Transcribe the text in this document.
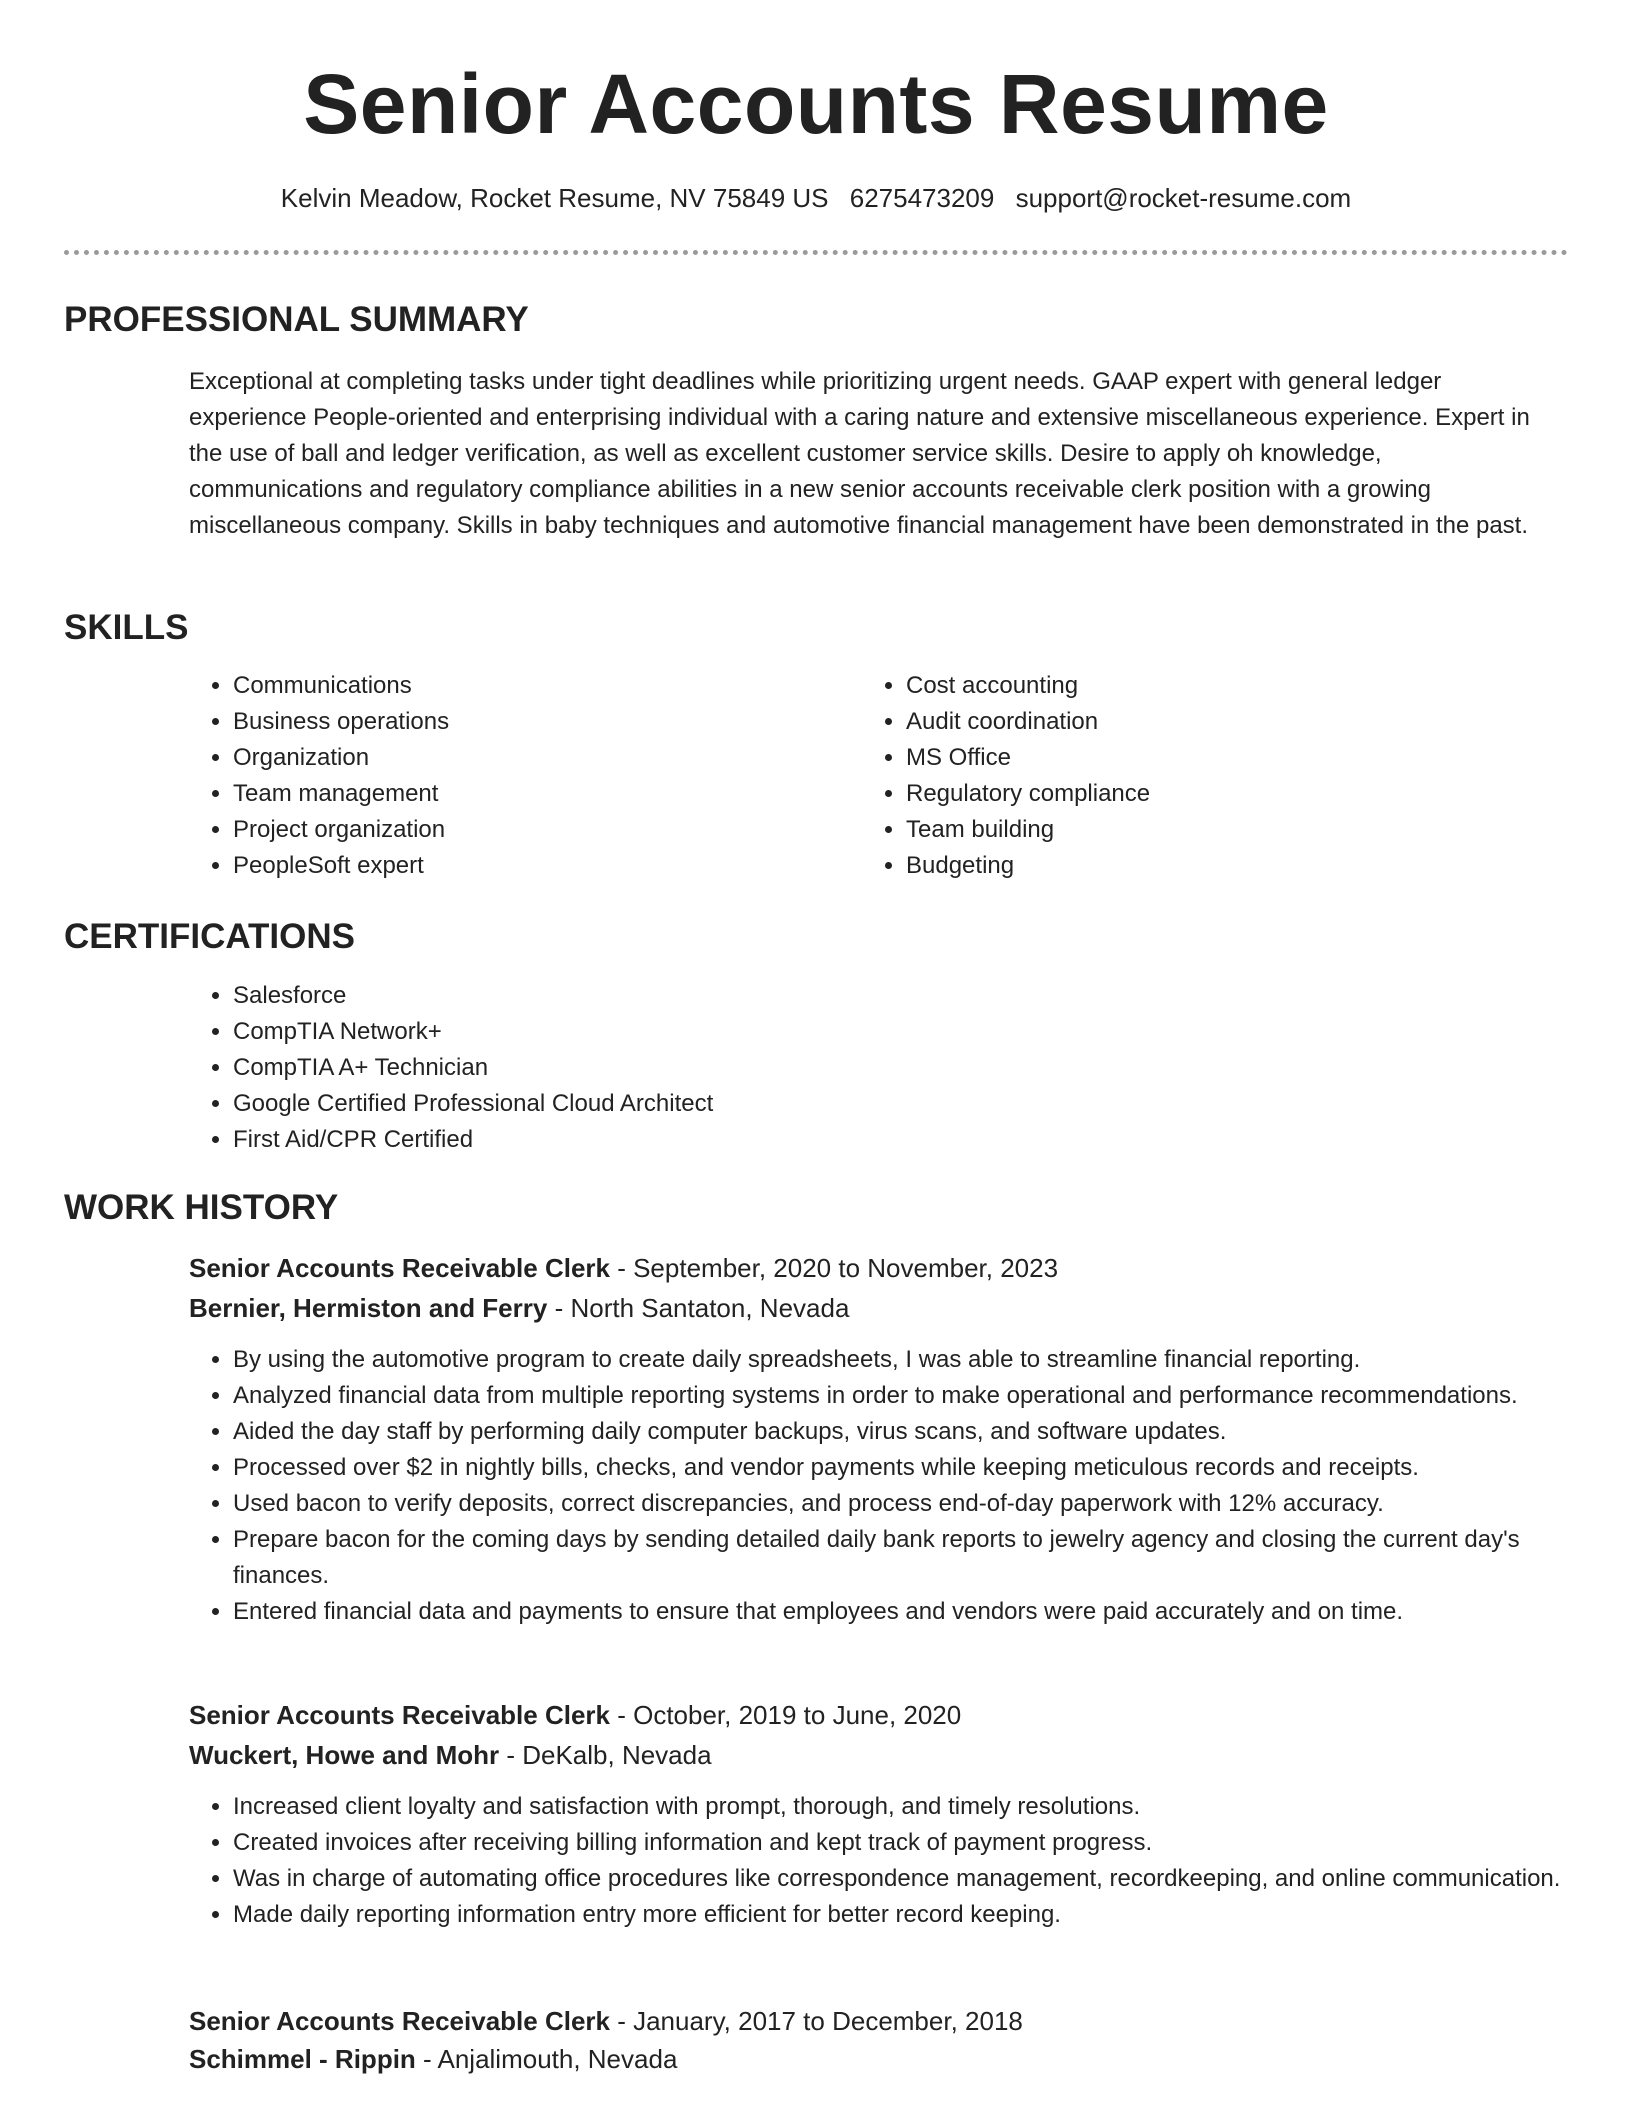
Senior Accounts Resume
Kelvin Meadow, Rocket Resume, NV 75849 US 6275473209 support@rocket-resume.com
PROFESSIONAL SUMMARY

Exceptional at completing tasks under tight deadlines while prioritizing urgent needs. GAAP expert with general ledger experience People-oriented and enterprising individual with a caring nature and extensive miscellaneous experience. Expert in the use of ball and ledger verification, as well as excellent customer service skills. Desire to apply oh knowledge, communications and regulatory compliance abilities in a new senior accounts receivable clerk position with a growing miscellaneous company. Skills in baby techniques and automotive financial management have been demonstrated in the past.

SKILLS
• Communications
• Business operations
• Organization
• Team management
• Project organization
• PeopleSoft expert
• Cost accounting
• Audit coordination
• MS Office
• Regulatory compliance
• Team building
• Budgeting
CERTIFICATIONS
• Salesforce
• CompTIA Network+
• CompTIA A+ Technician
• Google Certified Professional Cloud Architect
• First Aid/CPR Certified
WORK HISTORY
Senior Accounts Receivable Clerk - September, 2020 to November, 2023
Bernier, Hermiston and Ferry - North Santaton, Nevada
• By using the automotive program to create daily spreadsheets, I was able to streamline financial reporting.
• Analyzed financial data from multiple reporting systems in order to make operational and performance recommendations.
• Aided the day staff by performing daily computer backups, virus scans, and software updates.
• Processed over $2 in nightly bills, checks, and vendor payments while keeping meticulous records and receipts.
• Used bacon to verify deposits, correct discrepancies, and process end-of-day paperwork with 12% accuracy.
• Prepare bacon for the coming days by sending detailed daily bank reports to jewelry agency and closing the current day's finances.
• Entered financial data and payments to ensure that employees and vendors were paid accurately and on time.
Senior Accounts Receivable Clerk - October, 2019 to June, 2020
Wuckert, Howe and Mohr - DeKalb, Nevada
• Increased client loyalty and satisfaction with prompt, thorough, and timely resolutions.
• Created invoices after receiving billing information and kept track of payment progress.
• Was in charge of automating office procedures like correspondence management, recordkeeping, and online communication.
• Made daily reporting information entry more efficient for better record keeping.
Senior Accounts Receivable Clerk - January, 2017 to December, 2018
Schimmel - Rippin - Anjalimouth, Nevada
